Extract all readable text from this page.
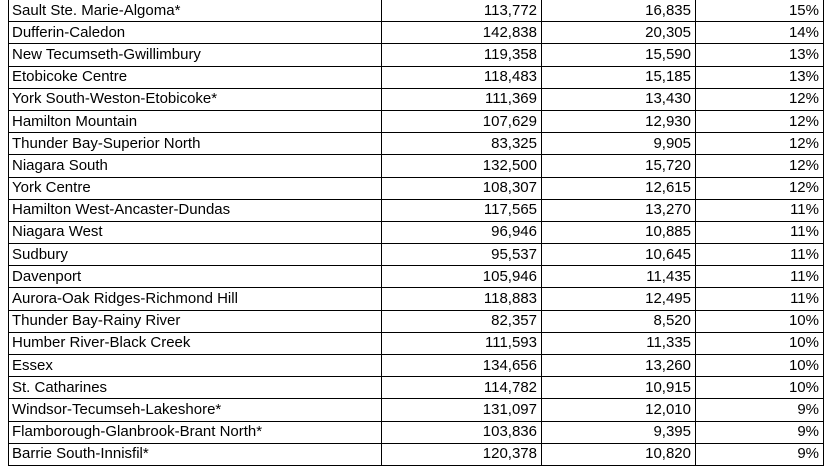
Sault Ste. Marie-Algoma*	113,772	16,835	15%
Dufferin-Caledon	142,838	20,305	14%
New Tecumseth-Gwillimbury	119,358	15,590	13%
Etobicoke Centre	118,483	15,185	13%
York South-Weston-Etobicoke*	111,369	13,430	12%
Hamilton Mountain	107,629	12,930	12%
Thunder Bay-Superior North	83,325	9,905	12%
Niagara South	132,500	15,720	12%
York Centre	108,307	12,615	12%
Hamilton West-Ancaster-Dundas	117,565	13,270	11%
Niagara West	96,946	10,885	11%
Sudbury	95,537	10,645	11%
Davenport	105,946	11,435	11%
Aurora-Oak Ridges-Richmond Hill	118,883	12,495	11%
Thunder Bay-Rainy River	82,357	8,520	10%
Humber River-Black Creek	111,593	11,335	10%
Essex	134,656	13,260	10%
St. Catharines	114,782	10,915	10%
Windsor-Tecumseh-Lakeshore*	131,097	12,010	9%
Flamborough-Glanbrook-Brant North*	103,836	9,395	9%
Barrie South-Innisfil*	120,378	10,820	9%
